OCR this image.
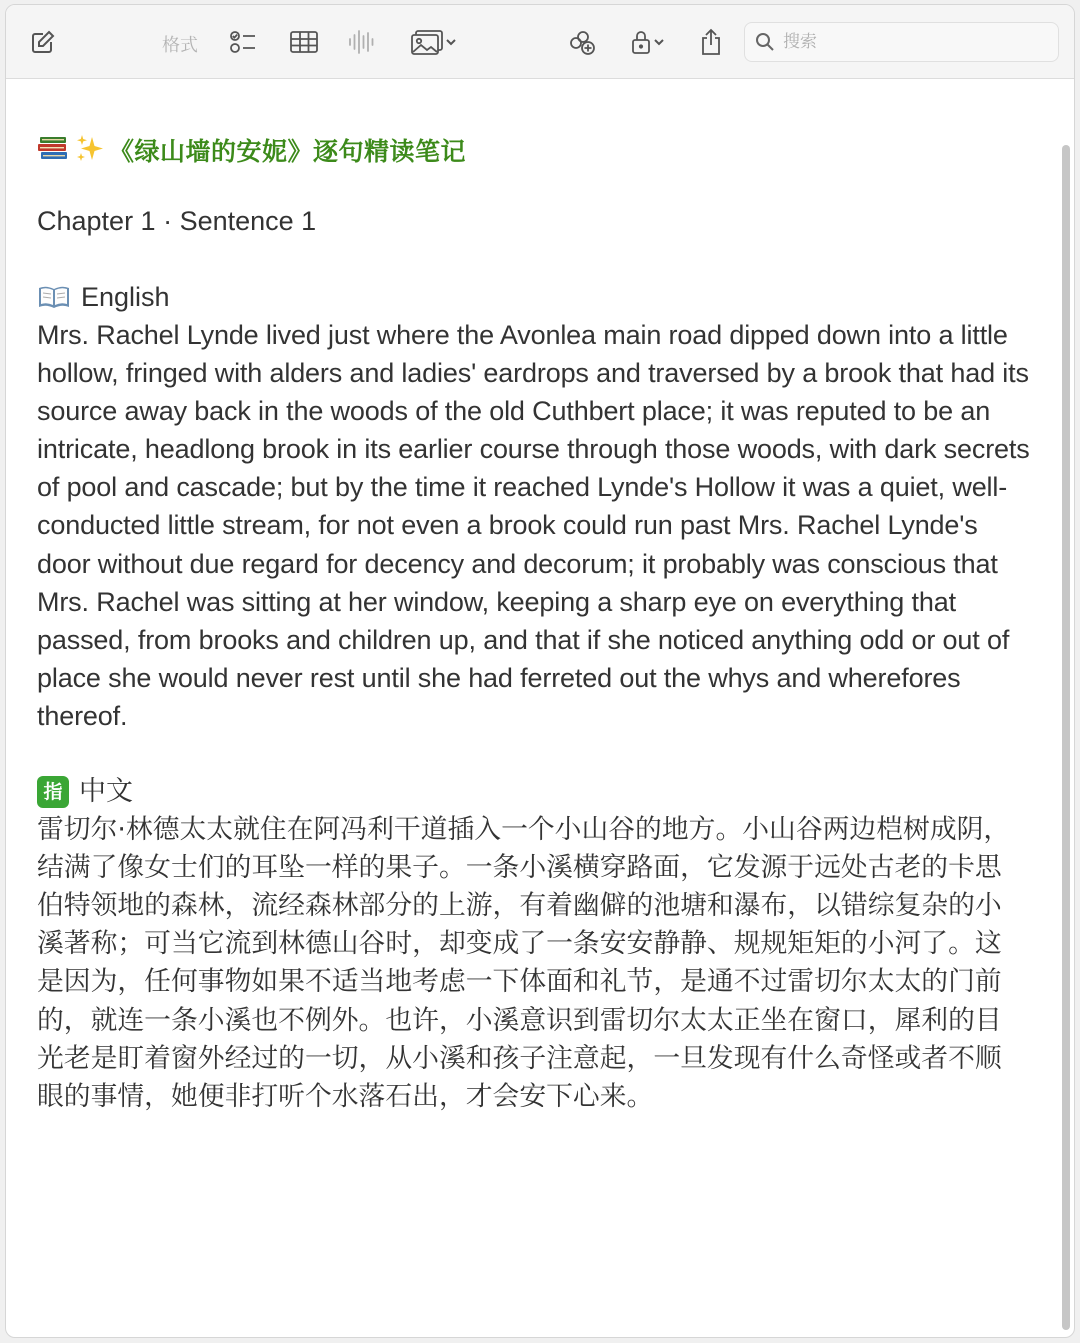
格式
搜索
《绿山墙的安妮》逐句精读笔记
Chapter 1 · Sentence 1
English
Mrs. Rachel Lynde lived just where the Avonlea main road dipped down into a little hollow, fringed with alders and ladies' eardrops and traversed by a brook that had its source away back in the woods of the old Cuthbert place; it was reputed to be an intricate, headlong brook in its earlier course through those woods, with dark secrets of pool and cascade; but by the time it reached Lynde's Hollow it was a quiet, well-conducted little stream, for not even a brook could run past Mrs. Rachel Lynde's door without due regard for decency and decorum; it probably was conscious that Mrs. Rachel was sitting at her window, keeping a sharp eye on everything that passed, from brooks and children up, and that if she noticed anything odd or out of place she would never rest until she had ferreted out the whys and wherefores thereof.
指 中文
雷切尔·林德太太就住在阿冯利干道插入一个小山谷的地方。小山谷两边桤树成阴，结满了像女士们的耳坠一样的果子。一条小溪横穿路面，它发源于远处古老的卡思伯特领地的森林，流经森林部分的上游，有着幽僻的池塘和瀑布，以错综复杂的小溪著称；可当它流到林德山谷时，却变成了一条安安静静、规规矩矩的小河了。这是因为，任何事物如果不适当地考虑一下体面和礼节，是通不过雷切尔太太的门前的，就连一条小溪也不例外。也许，小溪意识到雷切尔太太正坐在窗口，犀利的目光老是盯着窗外经过的一切，从小溪和孩子注意起，一旦发现有什么奇怪或者不顺眼的事情，她便非打听个水落石出，才会安下心来。
